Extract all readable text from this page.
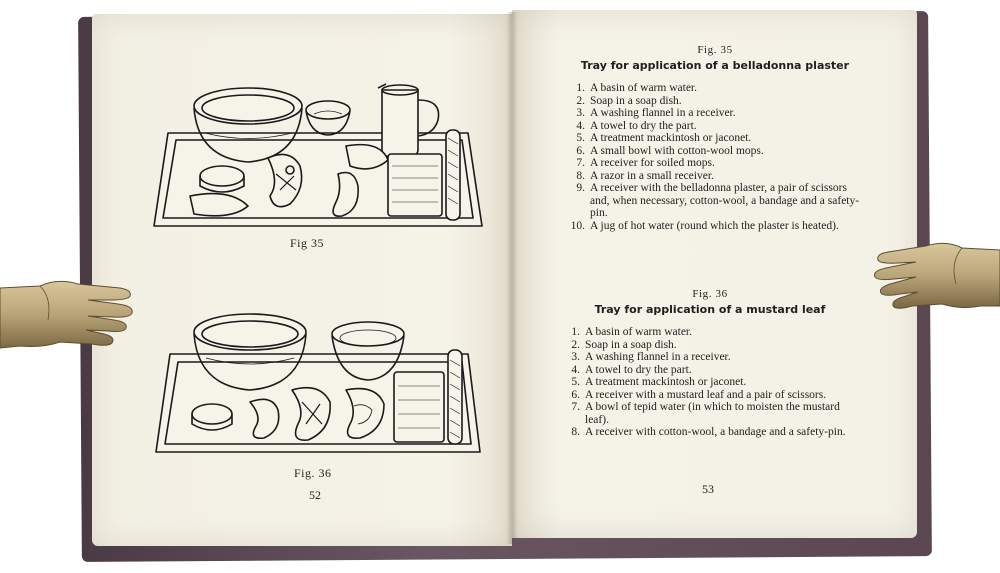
Fig 35
Fig. 36
52
Fig. 35
Tray for application of a belladonna plaster
1. A basin of warm water.
2. Soap in a soap dish.
3. A washing flannel in a receiver.
4. A towel to dry the part.
5. A treatment mackintosh or jaconet.
6. A small bowl with cotton-wool mops.
7. A receiver for soiled mops.
8. A razor in a small receiver.
9. A receiver with the belladonna plaster, a pair of scissors and, when necessary, cotton-wool, a bandage and a safety-pin.
10. A jug of hot water (round which the plaster is heated).
Fig. 36
Tray for application of a mustard leaf
1. A basin of warm water.
2. Soap in a soap dish.
3. A washing flannel in a receiver.
4. A towel to dry the part.
5. A treatment mackintosh or jaconet.
6. A receiver with a mustard leaf and a pair of scissors.
7. A bowl of tepid water (in which to moisten the mustard leaf).
8. A receiver with cotton-wool, a bandage and a safety-pin.
53
